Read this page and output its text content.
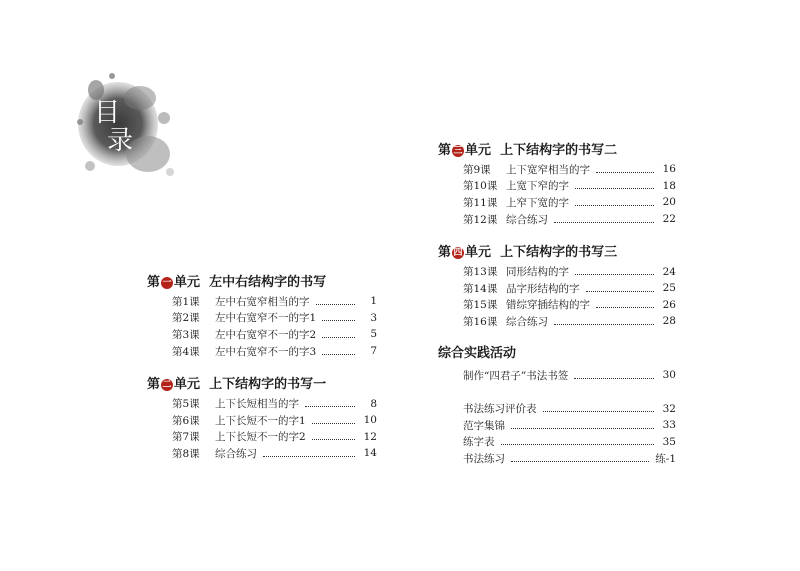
目
录
第 一 单元 左中右结构字的书写
第1课	左中右宽窄相当的字	1
第2课	左中右宽窄不一的字1	3
第3课	左中右宽窄不一的字2	5
第4课	左中右宽窄不一的字3	7
第 二 单元 上下结构字的书写一
第5课	上下长短相当的字	8
第6课	上下长短不一的字1	10
第7课	上下长短不一的字2	12
第8课	综合练习	14
第 三 单元 上下结构字的书写二
第9课	上下宽窄相当的字	16
第10课 上宽下窄的字	18
第11课 上窄下宽的字	20
第12课 综合练习	22
第 四 单元 上下结构字的书写三
第13课 同形结构的字	24
第14课 品字形结构的字	25
第15课 错综穿插结构的字	26
第16课 综合练习	28
综合实践活动
制作“四君子”书法书签	30
书法练习评价表	32
范字集锦	33
练字表	35
书法练习	练-1
